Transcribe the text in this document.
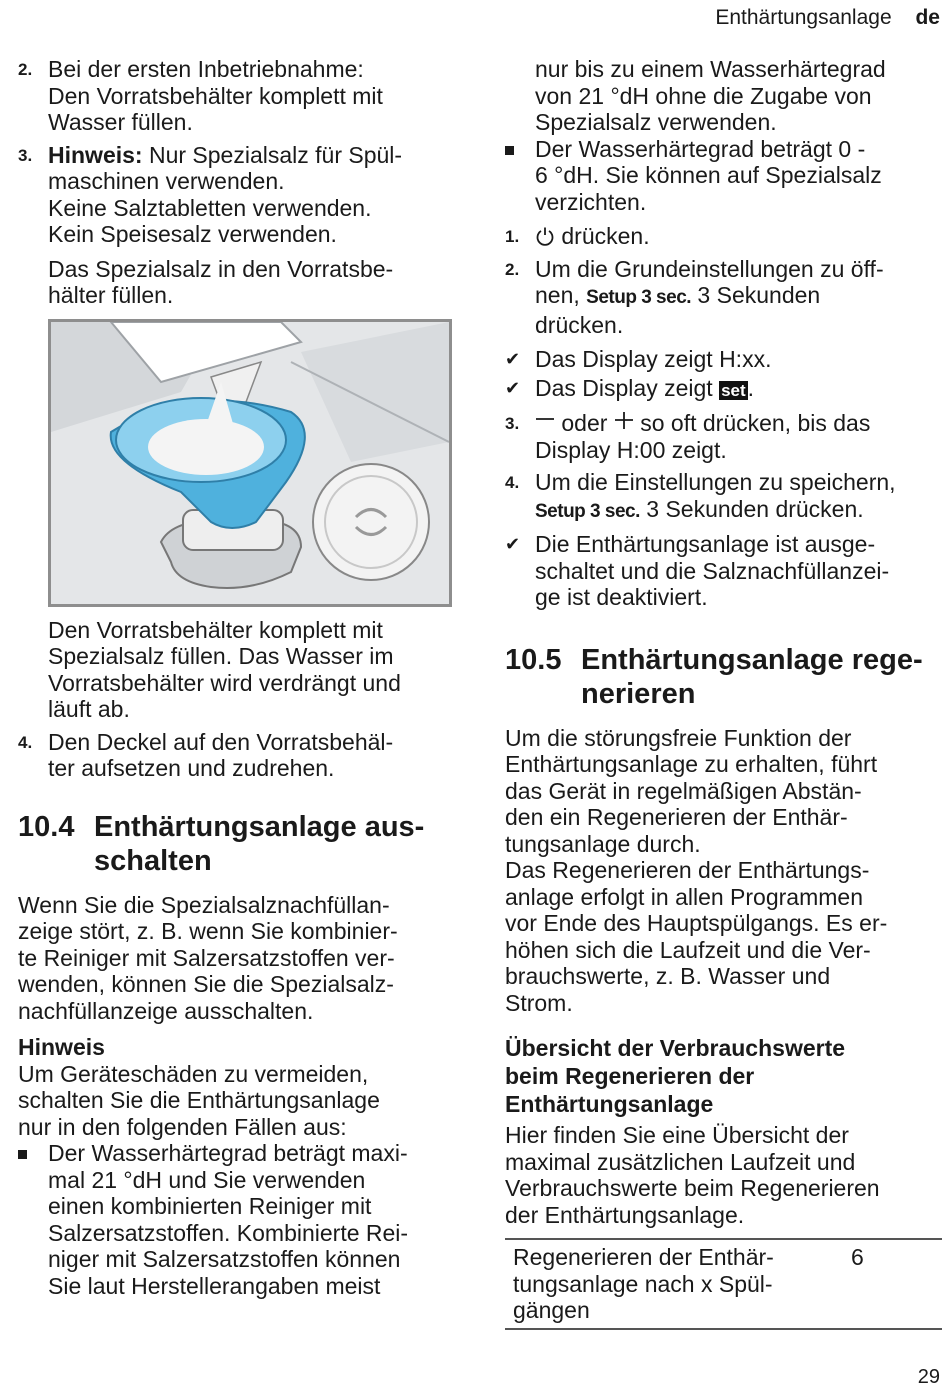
Enthärtungsanlage de
2. Bei der ersten Inbetriebnahme:
Den Vorratsbehälter komplett mit
Wasser füllen.
3. Hinweis: Nur Spezialsalz für Spül-
maschinen verwenden.
Keine Salztabletten verwenden.
Kein Speisesalz verwenden.
Das Spezialsalz in den Vorratsbe-
hälter füllen.
Den Vorratsbehälter komplett mit
Spezialsalz füllen. Das Wasser im
Vorratsbehälter wird verdrängt und
läuft ab.
4. Den Deckel auf den Vorratsbehäl-
ter aufsetzen und zudrehen.
10.4 Enthärtungsanlage aus-
schalten
Wenn Sie die Spezialsalznachfüllan-
zeige stört, z. B. wenn Sie kombinier-
te Reiniger mit Salzersatzstoffen ver-
wenden, können Sie die Spezialsalz-
nachfüllanzeige ausschalten.
Hinweis
Um Geräteschäden zu vermeiden,
schalten Sie die Enthärtungsanlage
nur in den folgenden Fällen aus:
Der Wasserhärtegrad beträgt maxi-
mal 21 °dH und Sie verwenden
einen kombinierten Reiniger mit
Salzersatzstoffen. Kombinierte Rei-
niger mit Salzersatzstoffen können
Sie laut Herstellerangaben meist
nur bis zu einem Wasserhärtegrad
von 21 °dH ohne die Zugabe von
Spezialsalz verwenden.
Der Wasserhärtegrad beträgt 0 -
6 °dH. Sie können auf Spezialsalz
verzichten.
1.	drücken.
2. Um die Grundeinstellungen zu öff-
nen, Setup 3 sec. 3 Sekunden
drücken.
✔ Das Display zeigt H:xx.
✔ Das Display zeigt set.
3.	oder  so oft drücken, bis das
Display H:00 zeigt.
4. Um die Einstellungen zu speichern,
Setup 3 sec. 3 Sekunden drücken.
✔ Die Enthärtungsanlage ist ausge-
schaltet und die Salznachfüllanzei-
ge ist deaktiviert.
10.5 Enthärtungsanlage rege-
nerieren
Um die störungsfreie Funktion der
Enthärtungsanlage zu erhalten, führt
das Gerät in regelmäßigen Abstän-
den ein Regenerieren der Enthär-
tungsanlage durch.
Das Regenerieren der Enthärtungs-
anlage erfolgt in allen Programmen
vor Ende des Hauptspülgangs. Es er-
höhen sich die Laufzeit und die Ver-
brauchswerte, z. B. Wasser und
Strom.
Übersicht der Verbrauchswerte
beim Regenerieren der
Enthärtungsanlage
Hier finden Sie eine Übersicht der
maximal zusätzlichen Laufzeit und
Verbrauchswerte beim Regenerieren
der Enthärtungsanlage.
Regenerieren der Enthär-
tungsanlage nach x Spül-
gängen
	6
29
